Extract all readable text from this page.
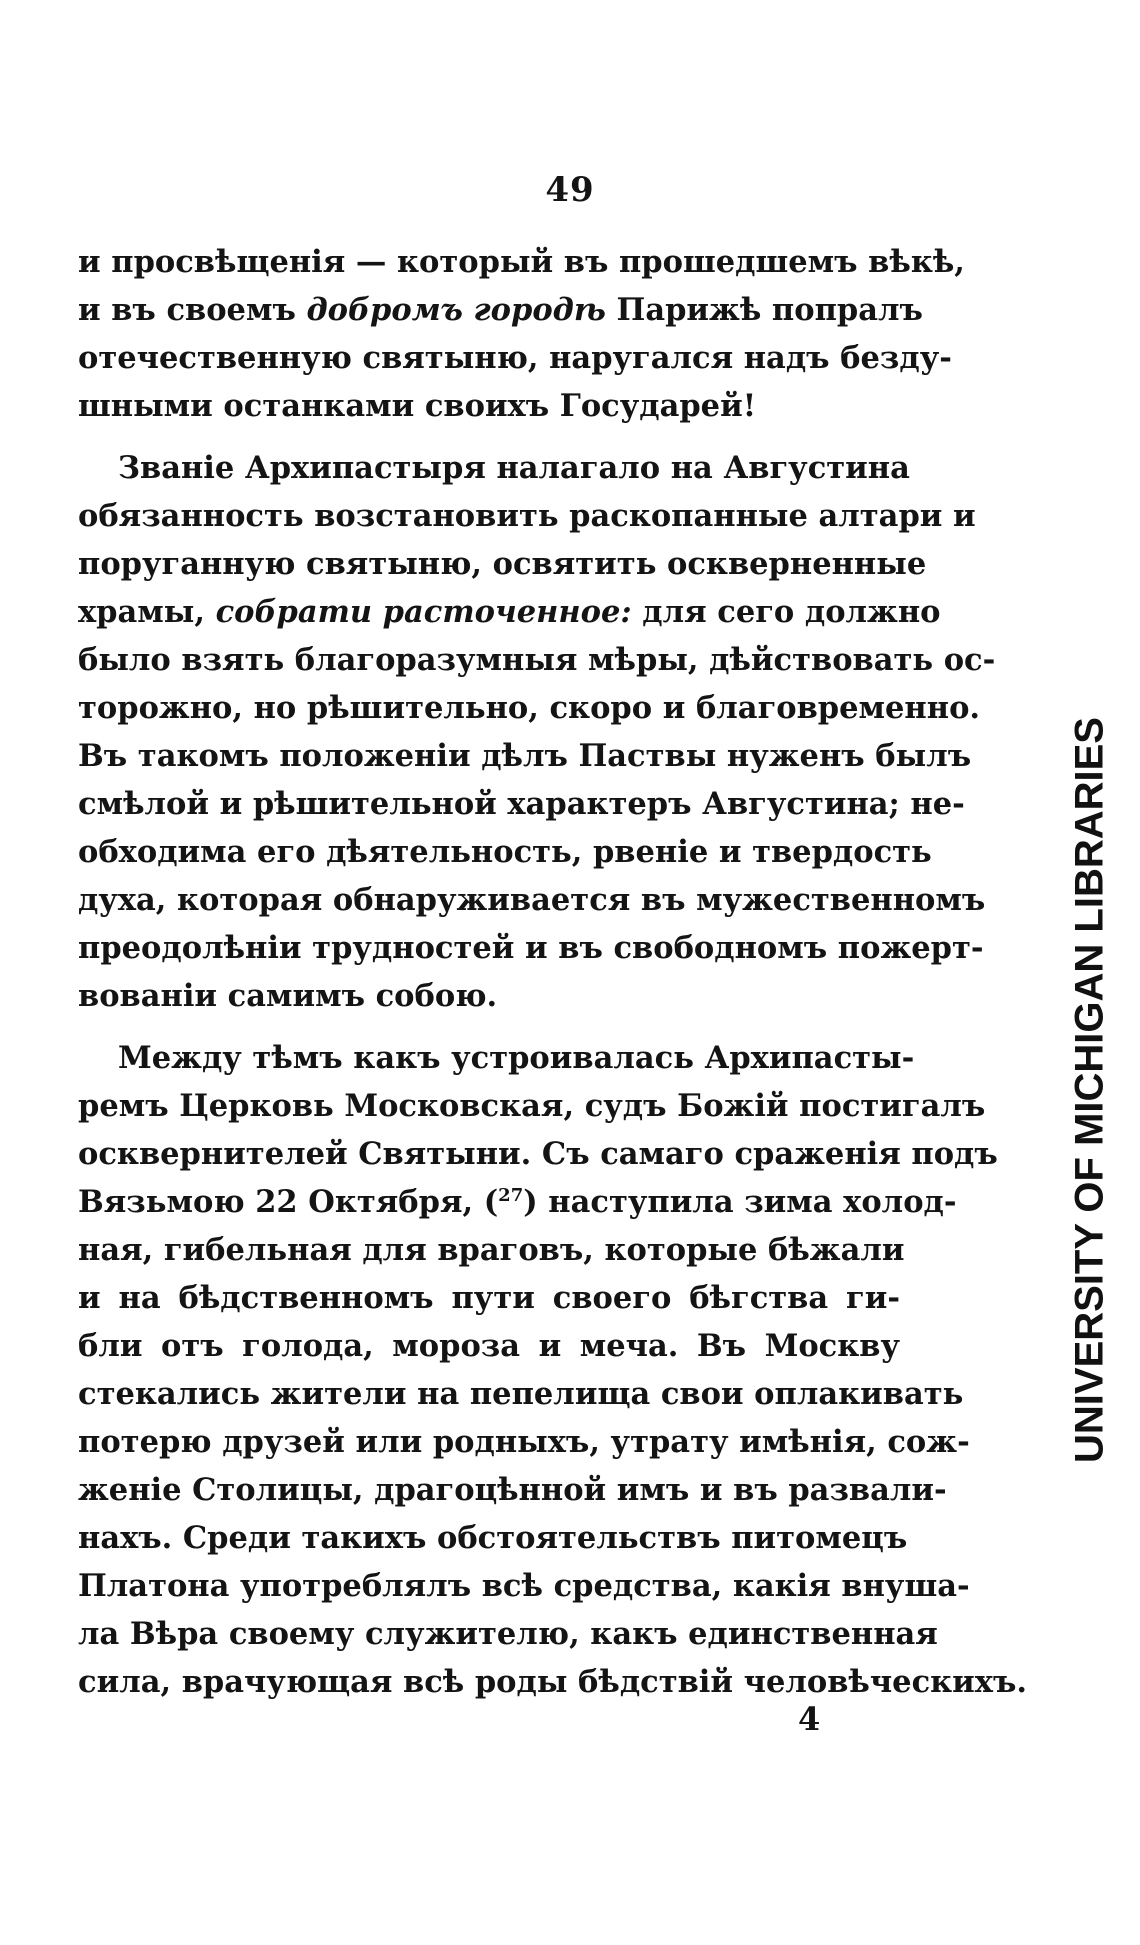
49
и просвѣщенія — который въ прошедшемъ вѣкѣ,
и въ своемъ добромъ городѣ Парижѣ попралъ
отечественную святыню, наругался надъ безду-
шными останками своихъ Государей!
Званіе Архипастыря налагало на Августина
обязанность возстановить раскопанные алтари и
поруганную святыню, освятить оскверненные
храмы, собрати расточенное: для сего должно
было взять благоразумныя мѣры, дѣйствовать ос-
торожно, но рѣшительно, скоро и благовременно.
Въ такомъ положеніи дѣлъ Паствы нуженъ былъ
смѣлой и рѣшительной характеръ Августина; не-
обходима его дѣятельность, рвеніе и твердость
духа, которая обнаруживается въ мужественномъ
преодолѣніи трудностей и въ свободномъ пожерт-
вованіи самимъ собою.
Между тѣмъ какъ устроивалась Архипасты-
ремъ Церковь Московская, судъ Божій постигалъ
осквернителей Святыни. Съ самаго сраженія подъ
Вязьмою 22 Октября, ($^{27}$) наступила зима холод-
ная, гибельная для враговъ, которые бѣжали
и на бѣдственномъ пути своего бѣгства ги-
бли отъ голода, мороза и меча. Въ Москву
стекались жители на пепелища свои оплакивать
потерю друзей или родныхъ, утрату имѣнія, сож-
женіе Столицы, драгоцѣнной имъ и въ развали-
нахъ. Среди такихъ обстоятельствъ питомецъ
Платона употреблялъ всѣ средства, какія внуша-
ла Вѣра своему служителю, какъ единственная
сила, врачующая всѣ роды бѣдствій человѣческихъ.
4
UNIVERSITY OF MICHIGAN LIBRARIES
